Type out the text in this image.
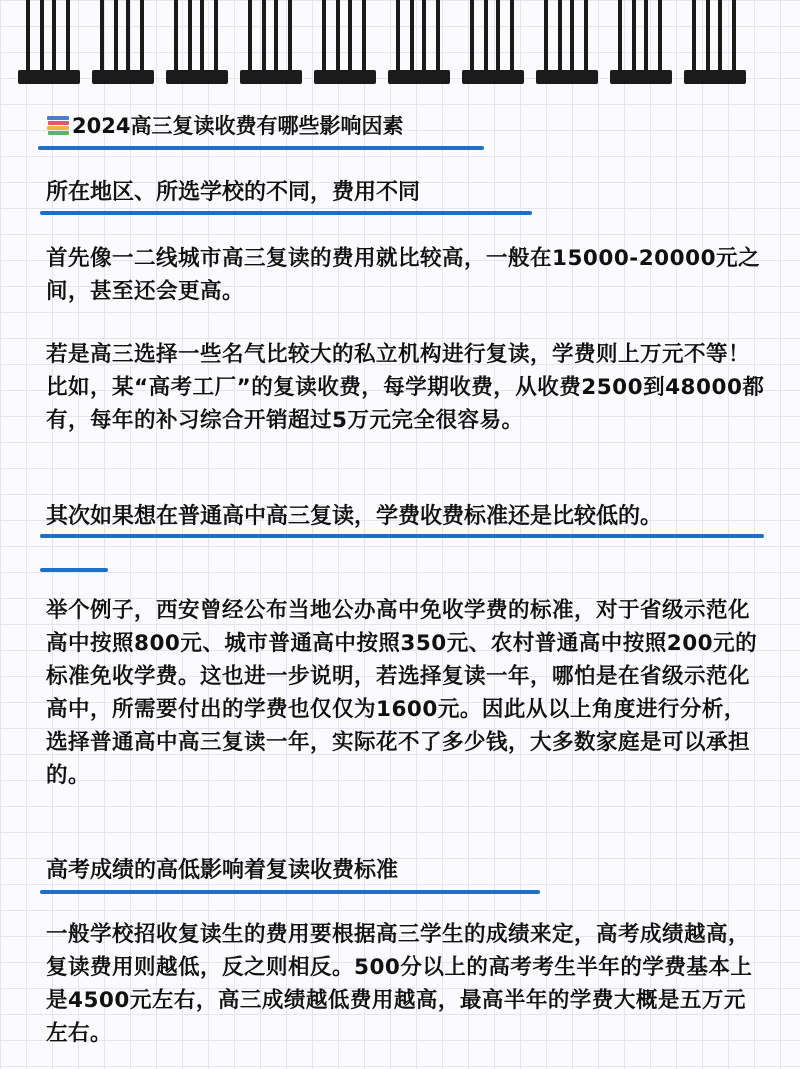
2024高三复读收费有哪些影响因素
所在地区、所选学校的不同，费用不同
首先像一二线城市高三复读的费用就比较高，一般在15000-20000元之间，甚至还会更高。
若是高三选择一些名气比较大的私立机构进行复读，学费则上万元不等！比如，某“高考工厂”的复读收费，每学期收费，从收费2500到48000都有，每年的补习综合开销超过5万元完全很容易。
其次如果想在普通高中高三复读，学费收费标准还是比较低的。
举个例子，西安曾经公布当地公办高中免收学费的标准，对于省级示范化高中按照800元、城市普通高中按照350元、农村普通高中按照200元的标准免收学费。这也进一步说明，若选择复读一年，哪怕是在省级示范化高中，所需要付出的学费也仅仅为1600元。因此从以上角度进行分析，选择普通高中高三复读一年，实际花不了多少钱，大多数家庭是可以承担的。
高考成绩的高低影响着复读收费标准
一般学校招收复读生的费用要根据高三学生的成绩来定，高考成绩越高，复读费用则越低，反之则相反。500分以上的高考考生半年的学费基本上是4500元左右，高三成绩越低费用越高，最高半年的学费大概是五万元左右。
